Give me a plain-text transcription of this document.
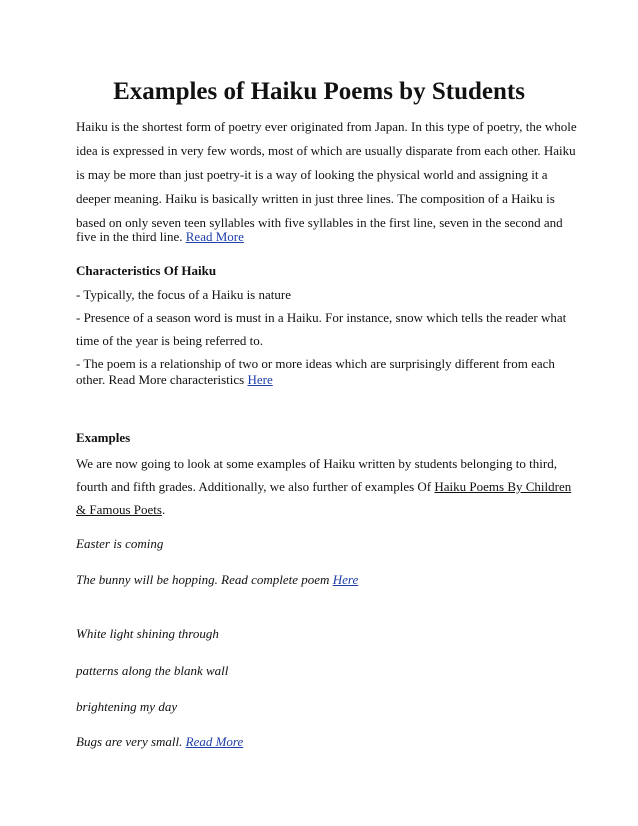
Examples of Haiku Poems by Students
Haiku is the shortest form of poetry ever originated from Japan. In this type of poetry, the whole
idea is expressed in very few words, most of which are usually disparate from each other. Haiku
is may be more than just poetry-it is a way of looking the physical world and assigning it a
deeper meaning. Haiku is basically written in just three lines. The composition of a Haiku is
based on only seven teen syllables with five syllables in the first line, seven in the second and
five in the third line. Read More
Characteristics Of Haiku
- Typically, the focus of a Haiku is nature
- Presence of a season word is must in a Haiku. For instance, snow which tells the reader what
time of the year is being referred to.
- The poem is a relationship of two or more ideas which are surprisingly different from each
other. Read More characteristics Here
Examples
We are now going to look at some examples of Haiku written by students belonging to third,
fourth and fifth grades. Additionally, we also further of examples Of Haiku Poems By Children
& Famous Poets.
Easter is coming
The bunny will be hopping. Read complete poem Here
White light shining through
patterns along the blank wall
brightening my day
Bugs are very small. Read More
